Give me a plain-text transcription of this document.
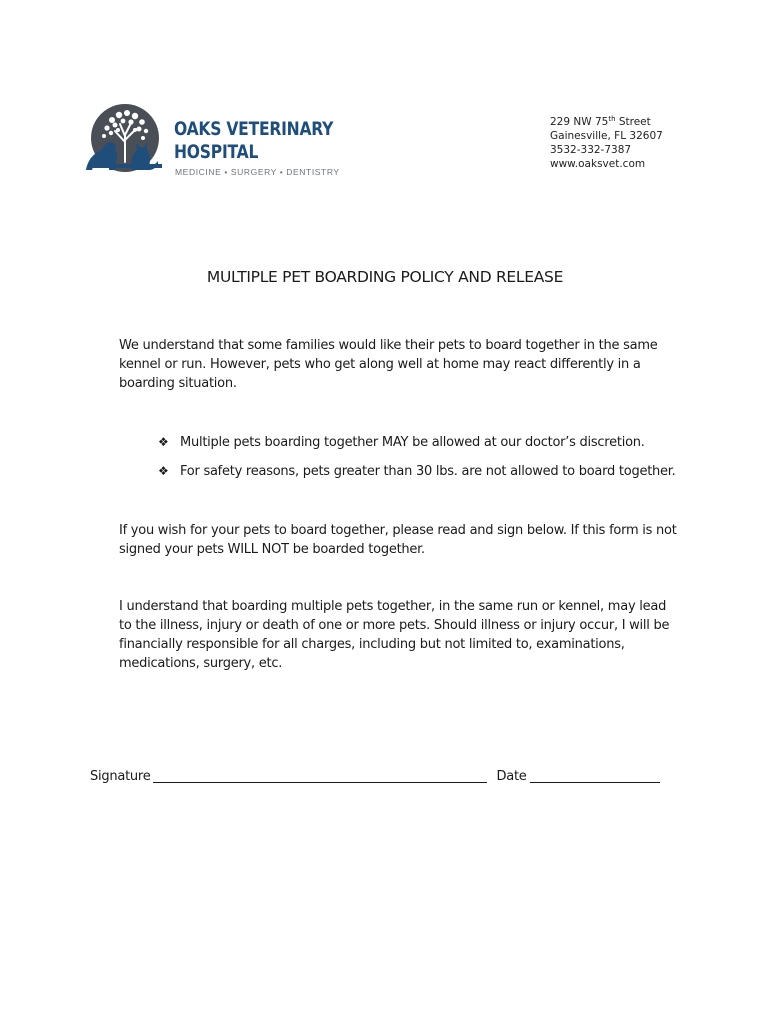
OAKS VETERINARY
HOSPITAL
MEDICINE • SURGERY • DENTISTRY
229 NW 75th Street
Gainesville, FL 32607
3532-332-7387
www.oaksvet.com
MULTIPLE PET BOARDING POLICY AND RELEASE
We understand that some families would like their pets to board together in the same kennel or run. However, pets who get along well at home may react differently in a boarding situation.
❖ Multiple pets boarding together MAY be allowed at our doctor’s discretion.
❖ For safety reasons, pets greater than 30 lbs. are not allowed to board together.
If you wish for your pets to board together, please read and sign below. If this form is not signed your pets WILL NOT be boarded together.
I understand that boarding multiple pets together, in the same run or kennel, may lead to the illness, injury or death of one or more pets. Should illness or injury occur, I will be financially responsible for all charges, including but not limited to, examinations, medications, surgery, etc.
Signature	Date
